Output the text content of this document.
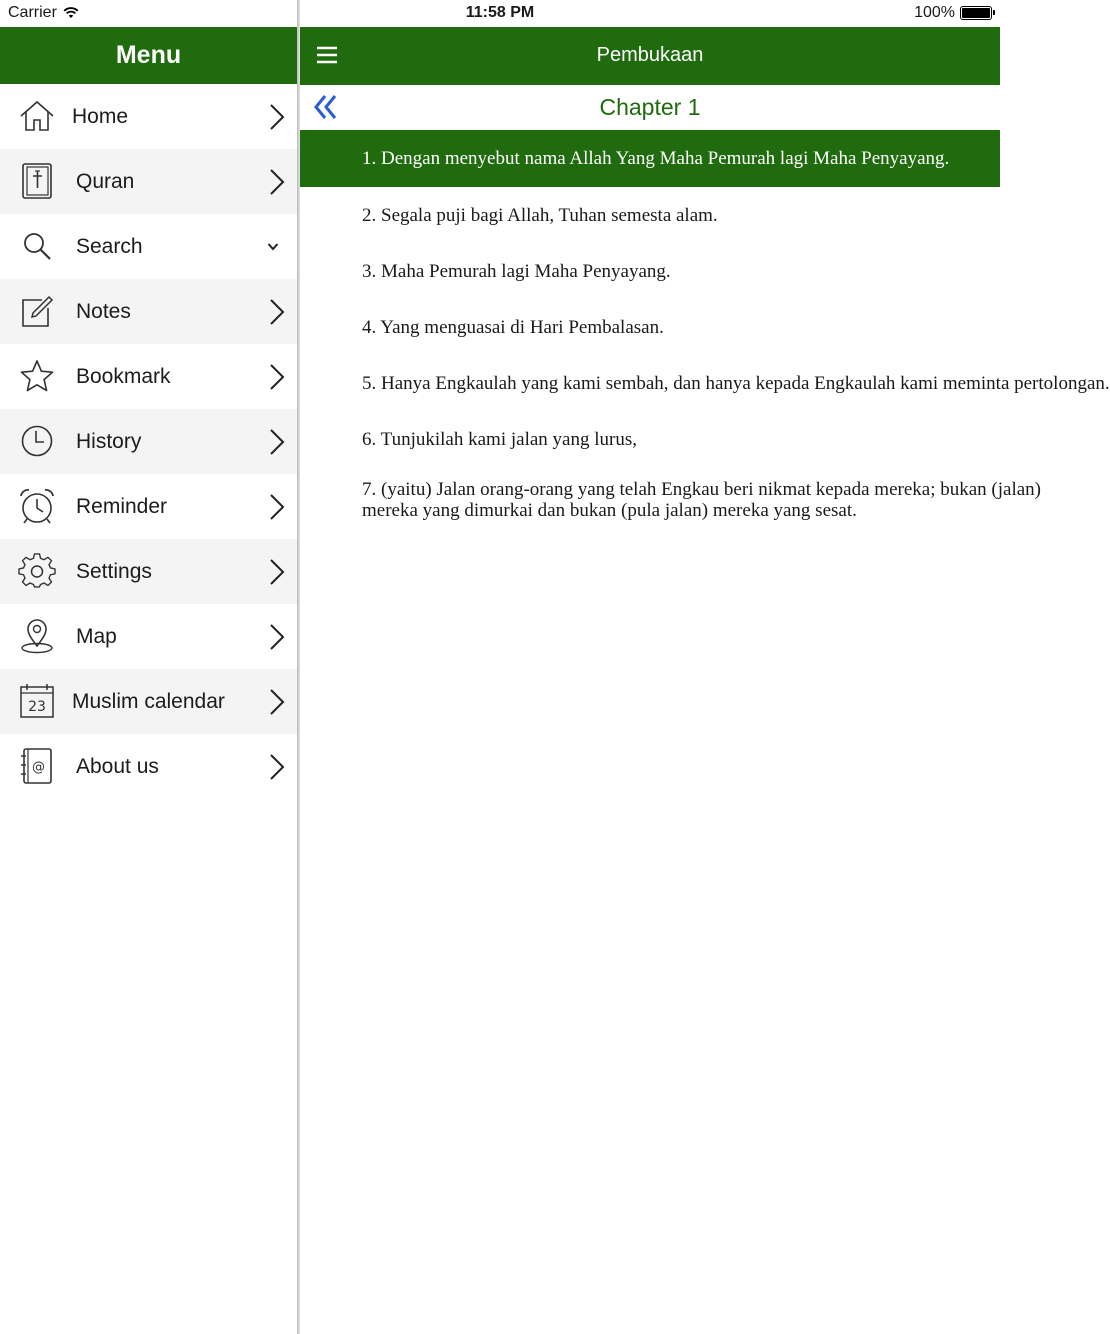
Carrier	11:58 PM	100%
Menu
Home
Quran
Search
Notes
Bookmark
History
Reminder
Settings
Map
23 Muslim calendar
@ About us
Pembukaan
Chapter 1
1. Dengan menyebut nama Allah Yang Maha Pemurah lagi Maha Penyayang.
2. Segala puji bagi Allah, Tuhan semesta alam.
3. Maha Pemurah lagi Maha Penyayang.
4. Yang menguasai di Hari Pembalasan.
5. Hanya Engkaulah yang kami sembah, dan hanya kepada Engkaulah kami meminta pertolongan.
6. Tunjukilah kami jalan yang lurus,
7. (yaitu) Jalan orang-orang yang telah Engkau beri nikmat kepada mereka; bukan (jalan) mereka yang dimurkai dan bukan (pula jalan) mereka yang sesat.
